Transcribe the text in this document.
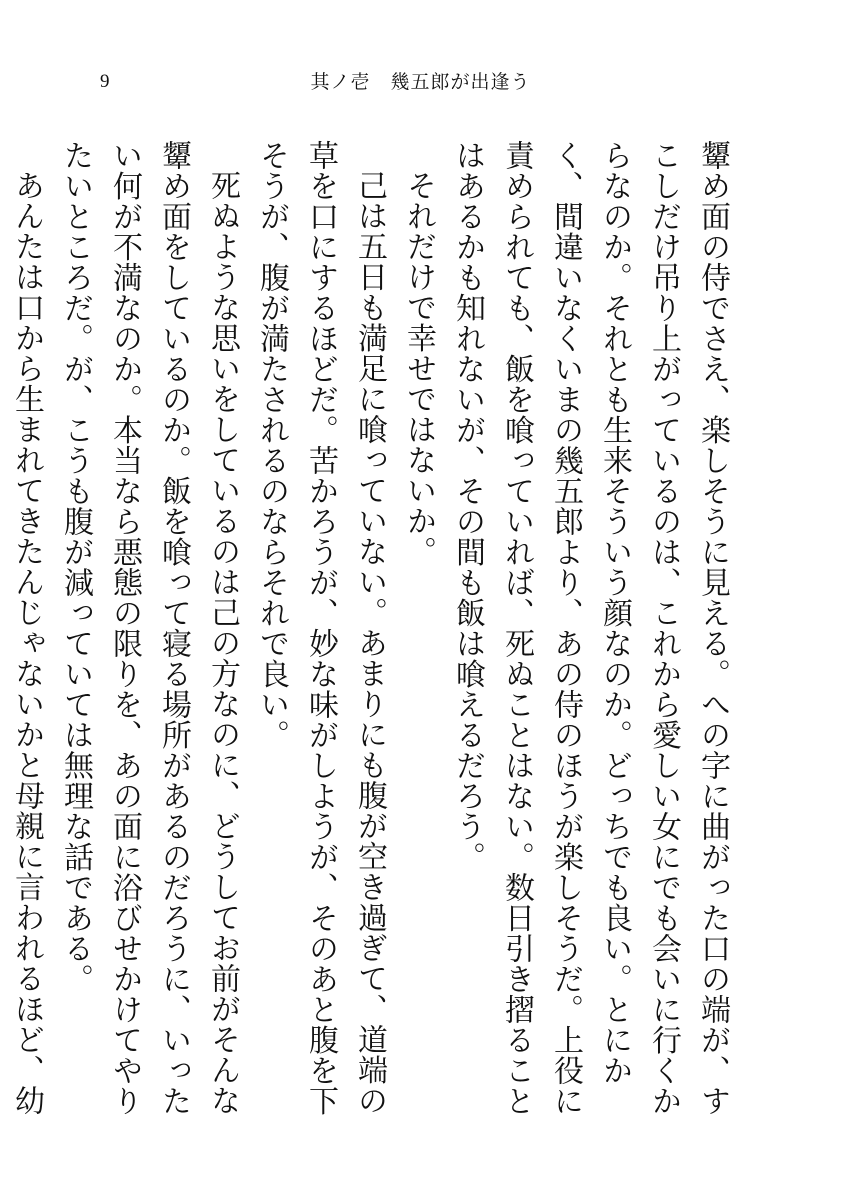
9	其ノ壱　幾五郎が出逢う

顰め面の侍でさえ、楽しそうに見える。への字に曲がった口の端が、すこしだけ吊り上がっているのは、これから愛しい女にでも会いに行くからなのか。それとも生来そういう顔なのか。どっちでも良い。とにかく、間違いなくいまの幾五郎より、あの侍のほうが楽しそうだ。上役に責められても、飯を喰っていれば、死ぬことはない。数日引き摺ることはあるかも知れないが、その間も飯は喰えるだろう。

それだけで幸せではないか。

己は五日も満足に喰っていない。あまりにも腹が空き過ぎて、道端の草を口にするほどだ。苦かろうが、妙な味がしようが、そのあと腹を下そうが、腹が満たされるのならそれで良い。

死ぬような思いをしているのは己の方なのに、どうしてお前がそんな顰め面をしているのか。飯を喰って寝る場所があるのだろうに、いったい何が不満なのか。本当なら悪態の限りを、あの面に浴びせかけてやりたいところだ。が、こうも腹が減っていては無理な話である。

あんたは口から生まれてきたんじゃないかと母親に言われるほど、幼
